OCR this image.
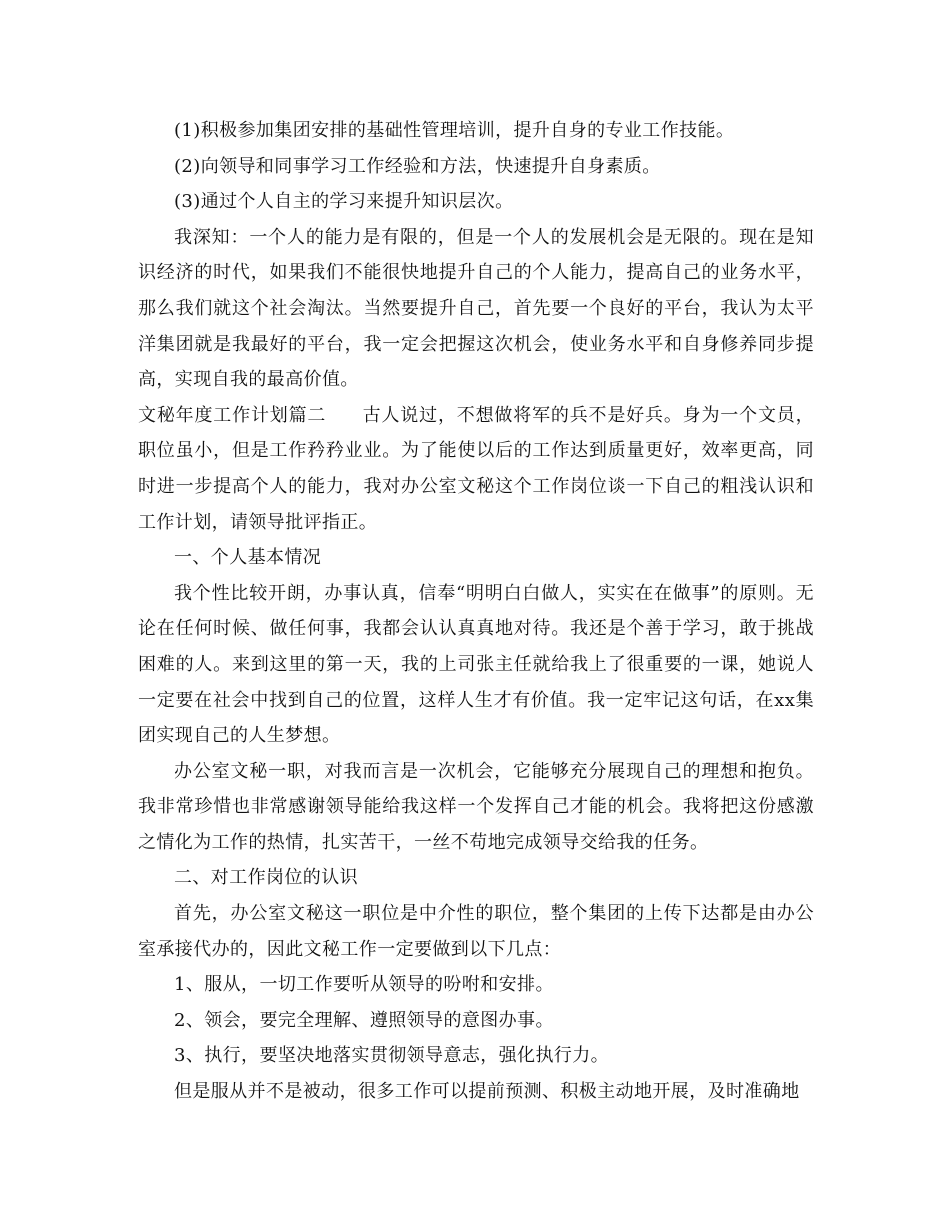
(1)积极参加集团安排的基础性管理培训，提升自身的专业工作技能。

(2)向领导和同事学习工作经验和方法，快速提升自身素质。

(3)通过个人自主的学习来提升知识层次。

我深知：一个人的能力是有限的，但是一个人的发展机会是无限的。现在是知识经济的时代，如果我们不能很快地提升自己的个人能力，提高自己的业务水平，那么我们就这个社会淘汰。当然要提升自己，首先要一个良好的平台，我认为太平洋集团就是我最好的平台，我一定会把握这次机会，使业务水平和自身修养同步提高，实现自我的最高价值。

文秘年度工作计划篇二 古人说过，不想做将军的兵不是好兵。身为一个文员，职位虽小，但是工作矜矜业业。为了能使以后的工作达到质量更好，效率更高，同时进一步提高个人的能力，我对办公室文秘这个工作岗位谈一下自己的粗浅认识和工作计划，请领导批评指正。

一、个人基本情况

我个性比较开朗，办事认真，信奉“明明白白做人，实实在在做事”的原则。无论在任何时候、做任何事，我都会认认真真地对待。我还是个善于学习，敢于挑战困难的人。来到这里的第一天，我的上司张主任就给我上了很重要的一课，她说人一定要在社会中找到自己的位置，这样人生才有价值。我一定牢记这句话，在xx集团实现自己的人生梦想。

办公室文秘一职，对我而言是一次机会，它能够充分展现自己的理想和抱负。我非常珍惜也非常感谢领导能给我这样一个发挥自己才能的机会。我将把这份感激之情化为工作的热情，扎实苦干，一丝不苟地完成领导交给我的任务。

二、对工作岗位的认识

首先，办公室文秘这一职位是中介性的职位，整个集团的上传下达都是由办公室承接代办的，因此文秘工作一定要做到以下几点：

1、服从，一切工作要听从领导的吩咐和安排。

2、领会，要完全理解、遵照领导的意图办事。

3、执行，要坚决地落实贯彻领导意志，强化执行力。

但是服从并不是被动，很多工作可以提前预测、积极主动地开展，及时准确地
